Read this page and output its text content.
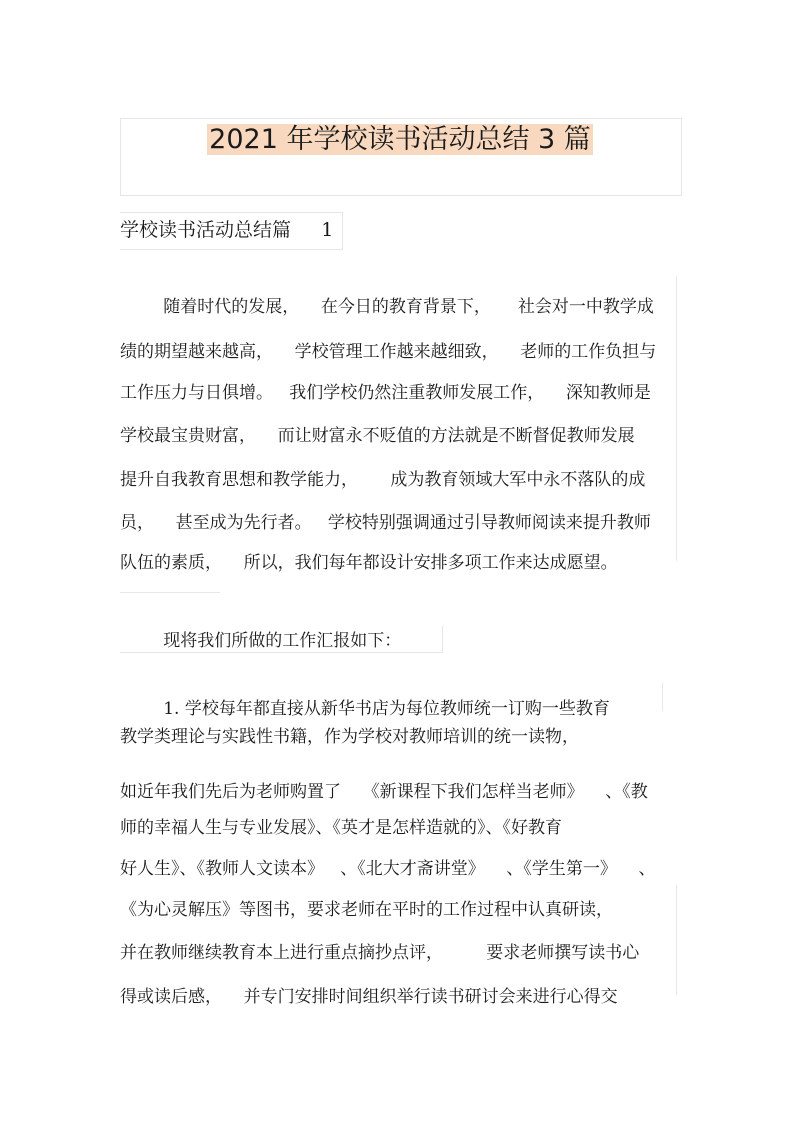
2021 年学校读书活动总结 3 篇
学校读书活动总结篇     1
随着时代的发展，    在今日的教育背景下，     社会对一中教学成
绩的期望越来越高，    学校管理工作越来越细致，    老师的工作负担与
工作压力与日俱增。   我们学校仍然注重教师发展工作，    深知教师是
学校最宝贵财富，    而让财富永不贬值的方法就是不断督促教师发展
提升自我教育思想和教学能力，      成为教育领域大军中永不落队的成
员，    甚至成为先行者。   学校特别强调通过引导教师阅读来提升教师
队伍的素质，    所以，我们每年都设计安排多项工作来达成愿望。
现将我们所做的工作汇报如下：
1. 学校每年都直接从新华书店为每位教师统一订购一些教育
教学类理论与实践性书籍，作为学校对教师培训的统一读物，
如近年我们先后为老师购置了    《新课程下我们怎样当老师》    、《教
师的幸福人生与专业发展》、《英才是怎样造就的》、《好教育
好人生》、《教师人文读本》   、《北大才斋讲堂》    、《学生第一》    、
《为心灵解压》等图书，要求老师在平时的工作过程中认真研读，
并在教师继续教育本上进行重点摘抄点评，        要求老师撰写读书心
得或读后感，    并专门安排时间组织举行读书研讨会来进行心得交
